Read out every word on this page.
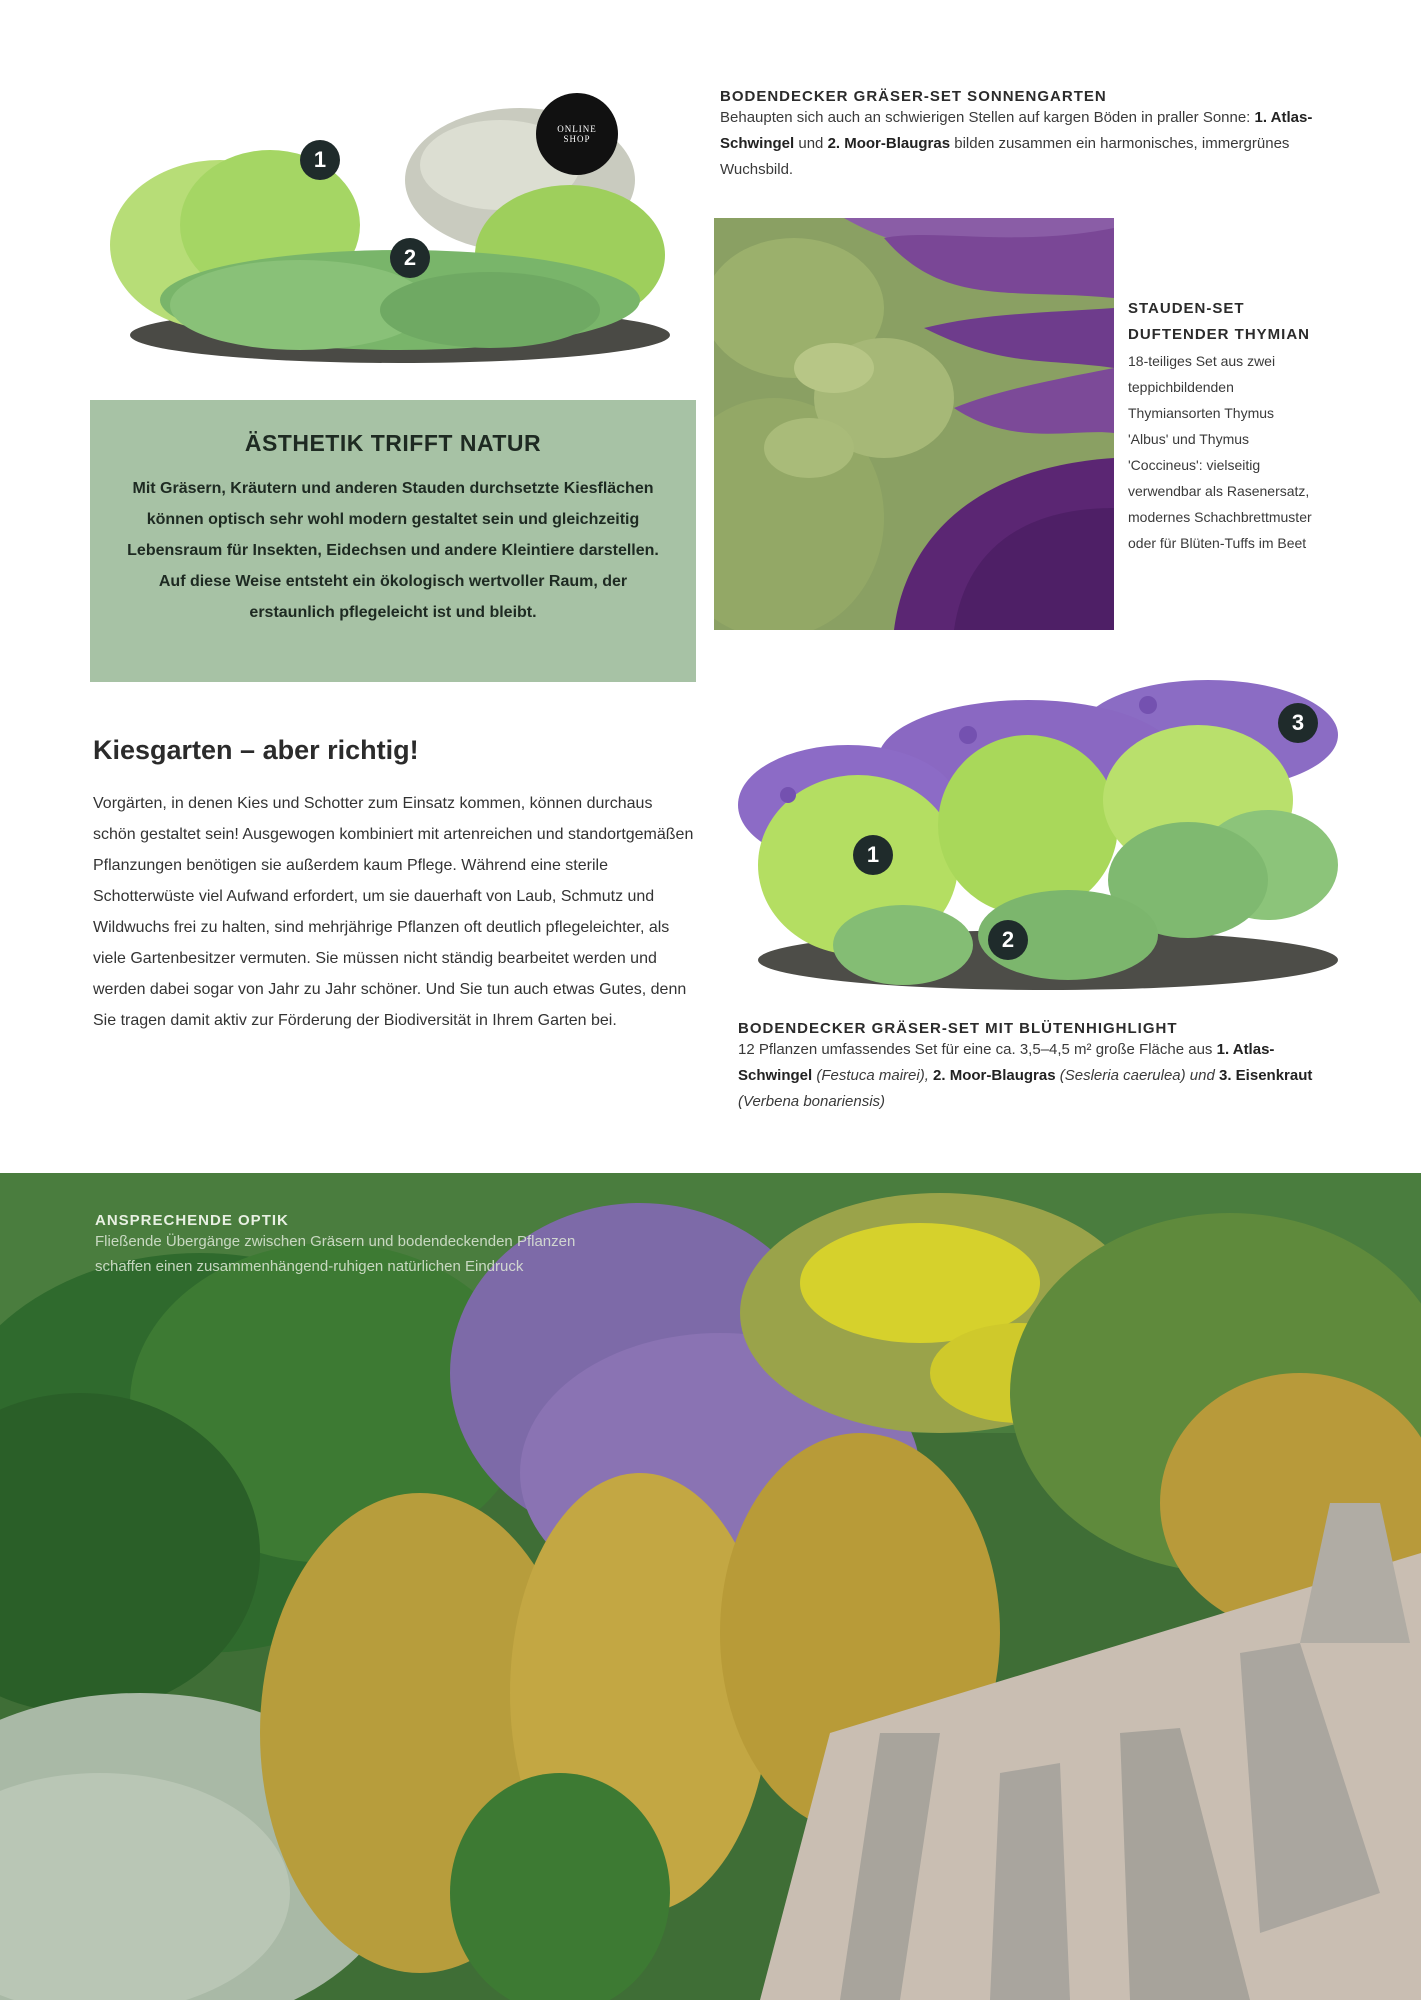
1
2
ONLINE
SHOP
BODENDECKER GRÄSER-SET SONNENGARTEN
Behaupten sich auch an schwierigen Stellen auf kargen Böden in praller Sonne: 1. Atlas-Schwingel und 2. Moor-Blaugras bilden zusammen ein harmonisches, immergrünes Wuchsbild.
ÄSTHETIK TRIFFT NATUR

Mit Gräsern, Kräutern und anderen Stauden durchsetzte Kiesflächen können optisch sehr wohl modern gestaltet sein und gleichzeitig Lebensraum für Insekten, Eidechsen und andere Kleintiere darstellen. Auf diese Weise entsteht ein ökologisch wertvoller Raum, der erstaunlich pflegeleicht ist und bleibt.

STAUDEN-SET DUFTENDER THYMIAN
18-teiliges Set aus zwei teppichbildenden Thymiansorten Thymus 'Albus' und Thymus 'Coccineus': vielseitig verwendbar als Rasenersatz, modernes Schachbrettmuster oder für Blüten-Tuffs im Beet
Kiesgarten – aber richtig!

Vorgärten, in denen Kies und Schotter zum Einsatz kommen, können durchaus schön gestaltet sein! Ausgewogen kombiniert mit artenreichen und standortgemäßen Pflanzungen benötigen sie außerdem kaum Pflege. Während eine sterile Schotterwüste viel Aufwand erfordert, um sie dauerhaft von Laub, Schmutz und Wildwuchs frei zu halten, sind mehrjährige Pflanzen oft deutlich pflegeleichter, als viele Gartenbesitzer vermuten. Sie müssen nicht ständig bearbeitet werden und werden dabei sogar von Jahr zu Jahr schöner. Und Sie tun auch etwas Gutes, denn Sie tragen damit aktiv zur Förderung der Biodiversität in Ihrem Garten bei.

1
2
3
BODENDECKER GRÄSER-SET MIT BLÜTENHIGHLIGHT
12 Pflanzen umfassendes Set für eine ca. 3,5–4,5 m² große Fläche aus 1. Atlas-Schwingel (Festuca mairei), 2. Moor-Blaugras (Sesleria caerulea) und 3. Eisenkraut (Verbena bonariensis)
ANSPRECHENDE OPTIK
Fließende Übergänge zwischen Gräsern und bodendeckenden Pflanzen schaffen einen zusammenhängend-ruhigen natürlichen Eindruck
